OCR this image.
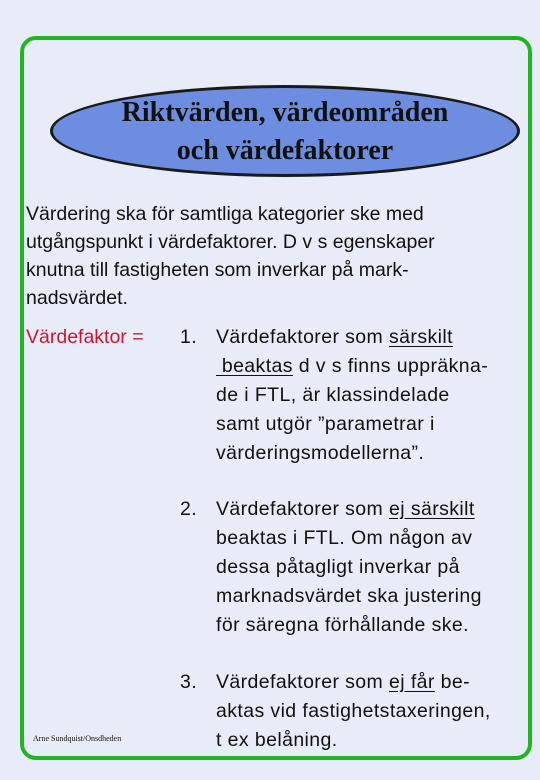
Riktvärden, värdeområden
och värdefaktorer
Värdering ska för samtliga kategorier ske med
utgångspunkt i värdefaktorer. D v s egenskaper
knutna till fastigheten som inverkar på mark-
nadsvärdet.
Värdefaktor = 1. Värdefaktorer som särskilt
beaktas d v s finns uppräkna-
de i FTL, är klassindelade
samt utgör ”parametrar i
värderingsmodellerna”.
2. Värdefaktorer som ej särskilt
beaktas i FTL. Om någon av
dessa påtagligt inverkar på
marknadsvärdet ska justering
för säregna förhållande ske.
3. Värdefaktorer som ej får be-
aktas vid fastighetstaxeringen,
t ex belåning.
Arne Sundquist/Onsdheden
